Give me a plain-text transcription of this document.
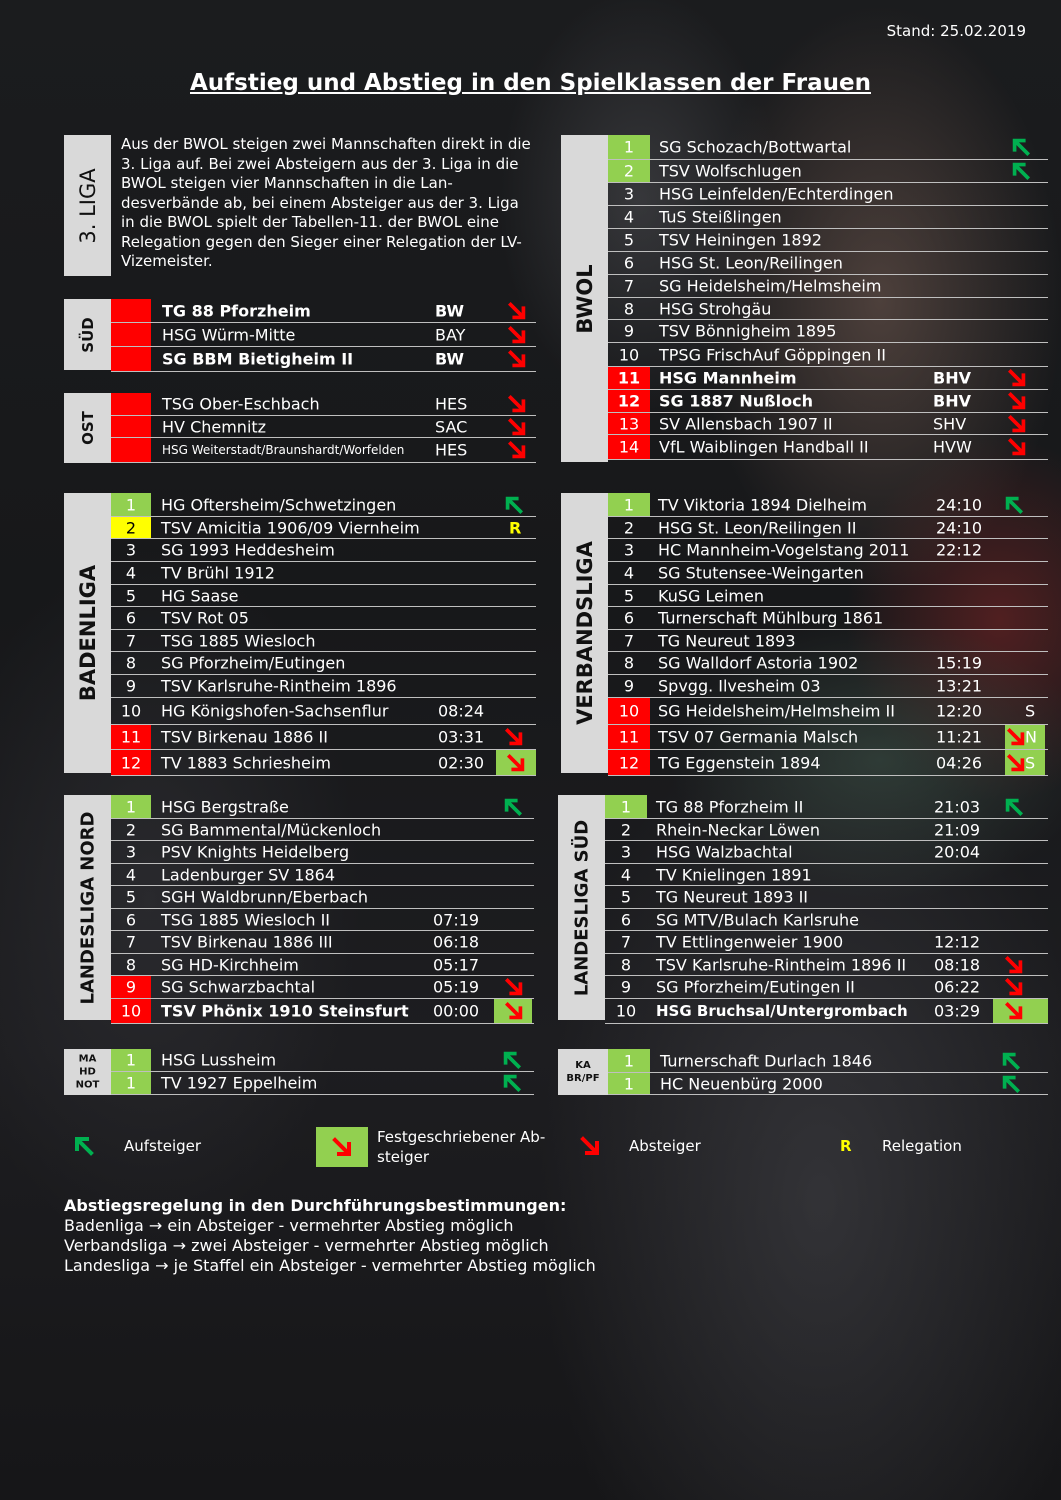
Stand: 25.02.2019
Aufstieg und Abstieg in den Spielklassen der Frauen
3. LIGA
Aus der BWOL steigen zwei Mannschaften direkt in die 3. Liga auf. Bei zwei Absteigern aus der 3. Liga in die BWOL steigen vier Mannschaften in die Landesverbände ab, bei einem Absteiger aus der 3. Liga in die BWOL spielt der Tabellen-11. der BWOL eine Relegation gegen den Sieger einer Relegation der LV-Vizemeister.
SÜD
TG 88 Pforzheim	BW
HSG Würm-Mitte	BAY
SG BBM Bietigheim II	BW
OST
TSG Ober-Eschbach	HES
HV Chemnitz	SAC
HSG Weiterstadt/Braunshardt/Worfelden HES
BWOL
1	SG Schozach/Bottwartal
2	TSV Wolfschlugen
3	HSG Leinfelden/Echterdingen
4	TuS Steißlingen
5	TSV Heiningen 1892
6	HSG St. Leon/Reilingen
7	SG Heidelsheim/Helmsheim
8	HSG Strohgäu
9	TSV Bönnigheim 1895
10	TPSG FrischAuf Göppingen II
11	HSG Mannheim	BHV
12	SG 1887 Nußloch	BHV
13	SV Allensbach 1907 II	SHV
14	VfL Waiblingen Handball II	HVW
BADENLIGA
1	HG Oftersheim/Schwetzingen
2	TSV Amicitia 1906/09 Viernheim	R
3	SG 1993 Heddesheim
4	TV Brühl 1912
5	HG Saase
6	TSV Rot 05
7	TSG 1885 Wiesloch
8	SG Pforzheim/Eutingen
9	TSV Karlsruhe-Rintheim 1896
10	HG Königshofen-Sachsenflur	08:24
11	TSV Birkenau 1886 II	03:31
12	TV 1883 Schriesheim	02:30
VERBANDSLIGA
1	TV Viktoria 1894 Dielheim	24:10
2	HSG St. Leon/Reilingen II	24:10
3	HC Mannheim-Vogelstang 2011 22:12
4	SG Stutensee-Weingarten
5	KuSG Leimen
6	Turnerschaft Mühlburg 1861
7	TG Neureut 1893
8	SG Walldorf Astoria 1902	15:19
9	Spvgg. Ilvesheim 03	13:21
10	SG Heidelsheim/Helmsheim II	12:20	S
11	TSV 07 Germania Malsch	11:21	N
12	TG Eggenstein 1894	04:26	S
LANDESLIGA NORD
1	HSG Bergstraße
2	SG Bammental/Mückenloch
3	PSV Knights Heidelberg
4	Ladenburger SV 1864
5	SGH Waldbrunn/Eberbach
6	TSG 1885 Wiesloch II	07:19
7	TSV Birkenau 1886 III	06:18
8	SG HD-Kirchheim	05:17
9	SG Schwarzbachtal	05:19
10	TSV Phönix 1910 Steinsfurt 00:00
LANDESLIGA SÜD
1	TG 88 Pforzheim II	21:03
2	Rhein-Neckar Löwen	21:09
3	HSG Walzbachtal	20:04
4	TV Knielingen 1891
5	TG Neureut 1893 II
6	SG MTV/Bulach Karlsruhe
7	TV Ettlingenweier 1900	12:12
8	TSV Karlsruhe-Rintheim 1896 II 08:18
9	SG Pforzheim/Eutingen II	06:22
10	HSG Bruchsal/Untergrombach 03:29
MA
HD
NOT
1	HSG Lussheim
1	TV 1927 Eppelheim
KA
BR/PF
1	Turnerschaft Durlach 1846
1	HC Neuenbürg 2000
Aufsteiger	Festgeschriebener Absteiger
Absteiger	R Relegation
Abstiegsregelung in den Durchführungsbestimmungen:
Badenliga → ein Absteiger - vermehrter Abstieg möglich
Verbandsliga → zwei Absteiger - vermehrter Abstieg möglich
Landesliga → je Staffel ein Absteiger - vermehrter Abstieg möglich
